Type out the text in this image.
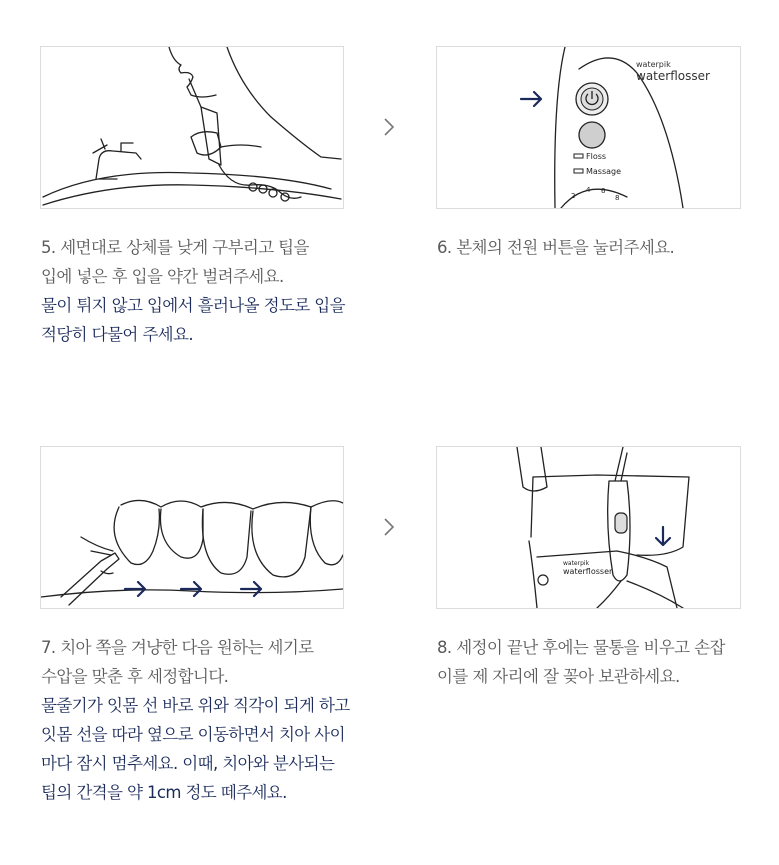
waterpik
waterflosser
Floss
Massage
2
4 6
8

5. 세면대로 상체를 낮게 구부리고 팁을

입에 넣은 후 입을 약간 벌려주세요.

물이 튀지 않고 입에서 흘러나올 정도로 입을

적당히 다물어 주세요.

6. 본체의 전원 버튼을 눌러주세요.

waterpik
waterflosser

7. 치아 쪽을 겨냥한 다음 원하는 세기로

수압을 맞춘 후 세정합니다.

물줄기가 잇몸 선 바로 위와 직각이 되게 하고

잇몸 선을 따라 옆으로 이동하면서 치아 사이

마다 잠시 멈추세요. 이때, 치아와 분사되는

팁의 간격을 약 1cm 정도 떼주세요.

8. 세정이 끝난 후에는 물통을 비우고 손잡

이를 제 자리에 잘 꽂아 보관하세요.
